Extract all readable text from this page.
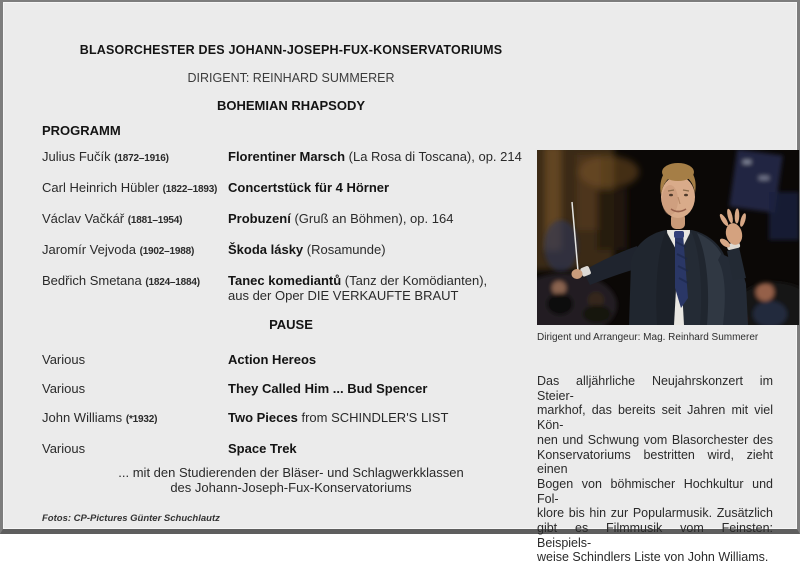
BLASORCHESTER DES JOHANN-JOSEPH-FUX-KONSERVATORIUMS
DIRIGENT: REINHARD SUMMERER
BOHEMIAN RHAPSODY
PROGRAMM
Julius Fučík (1872–1916)	Florentiner Marsch (La Rosa di Toscana), op. 214
Carl Heinrich Hübler (1822–1893) Concertstück für 4 Hörner
Václav Vačkář (1881–1954)	Probuzení (Gruß an Böhmen), op. 164
Jaromír Vejvoda (1902–1988)	Škoda lásky (Rosamunde)
Bedřich Smetana (1824–1884)	Tanec komediantů (Tanz der Komödianten),
aus der Oper DIE VERKAUFTE BRAUT
PAUSE
Various	Action Hereos
Various	They Called Him ... Bud Spencer
John Williams (*1932)	Two Pieces from SCHINDLER'S LIST
Various	Space Trek
... mit den Studierenden der Bläser- und Schlagwerkklassen
des Johann-Joseph-Fux-Konservatoriums
Fotos: CP-Pictures Günter Schuchlautz
Dirigent und Arrangeur: Mag. Reinhard Summerer
Das alljährliche Neujahrskonzert im Steier-
markhof, das bereits seit Jahren mit viel Kön-
nen und Schwung vom Blasorchester des
Konservatoriums bestritten wird, zieht einen
Bogen von böhmischer Hochkultur und Fol-
klore bis hin zur Popularmusik. Zusätzlich
gibt es Filmmusik vom Feinsten: Beispiels-
weise Schindlers Liste von John Williams.
